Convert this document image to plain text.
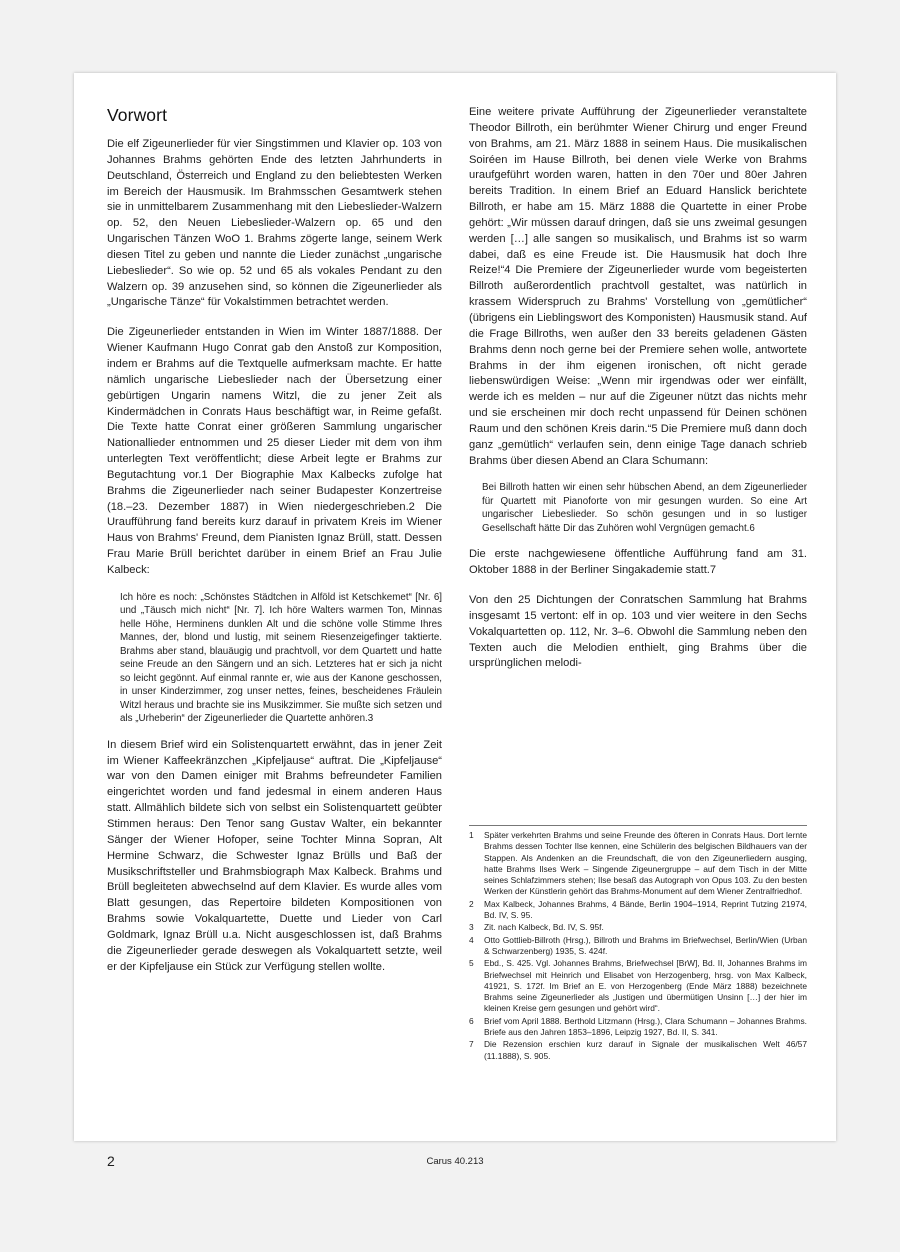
Vorwort

Die elf Zigeunerlieder für vier Singstimmen und Klavier op. 103 von Johannes Brahms gehörten Ende des letzten Jahrhunderts in Deutschland, Österreich und England zu den beliebtesten Werken im Bereich der Hausmusik. Im Brahmsschen Gesamtwerk stehen sie in unmittelbarem Zusammenhang mit den Liebeslieder-Walzern op. 52, den Neuen Liebeslieder-Walzern op. 65 und den Ungarischen Tänzen WoO 1. Brahms zögerte lange, seinem Werk diesen Titel zu geben und nannte die Lieder zunächst „ungarische Liebeslieder“. So wie op. 52 und 65 als vokales Pendant zu den Walzern op. 39 anzusehen sind, so können die Zigeunerlieder als „Ungarische Tänze“ für Vokalstimmen betrachtet werden.

Die Zigeunerlieder entstanden in Wien im Winter 1887/1888. Der Wiener Kaufmann Hugo Conrat gab den Anstoß zur Komposition, indem er Brahms auf die Textquelle aufmerksam machte. Er hatte nämlich ungarische Liebeslieder nach der Übersetzung einer gebürtigen Ungarin namens Witzl, die zu jener Zeit als Kindermädchen in Conrats Haus beschäftigt war, in Reime gefaßt. Die Texte hatte Conrat einer größeren Sammlung ungarischer Nationallieder entnommen und 25 dieser Lieder mit dem von ihm unterlegten Text veröffentlicht; diese Arbeit legte er Brahms zur Begutachtung vor.1 Der Biographie Max Kalbecks zufolge hat Brahms die Zigeunerlieder nach seiner Budapester Konzertreise (18.–23. Dezember 1887) in Wien niedergeschrieben.2 Die Uraufführung fand bereits kurz darauf in privatem Kreis im Wiener Haus von Brahms' Freund, dem Pianisten Ignaz Brüll, statt. Dessen Frau Marie Brüll berichtet darüber in einem Brief an Frau Julie Kalbeck:

Ich höre es noch: „Schönstes Städtchen in Alföld ist Ketschkemet“ [Nr. 6] und „Täusch mich nicht“ [Nr. 7]. Ich höre Walters warmen Ton, Minnas helle Höhe, Herminens dunklen Alt und die schöne volle Stimme Ihres Mannes, der, blond und lustig, mit seinem Riesenzeigefinger taktierte. Brahms aber stand, blauäugig und prachtvoll, vor dem Quartett und hatte seine Freude an den Sängern und an sich. Letzteres hat er sich ja nicht so leicht gegönnt. Auf einmal rannte er, wie aus der Kanone geschossen, in unser Kinderzimmer, zog unser nettes, feines, bescheidenes Fräulein Witzl heraus und brachte sie ins Musikzimmer. Sie mußte sich setzen und als „Urheberin“ der Zigeunerlieder die Quartette anhören.3

In diesem Brief wird ein Solistenquartett erwähnt, das in jener Zeit im Wiener Kaffeekränzchen „Kipfeljause“ auftrat. Die „Kipfeljause“ war von den Damen einiger mit Brahms befreundeter Familien eingerichtet worden und fand jedesmal in einem anderen Haus statt. Allmählich bildete sich von selbst ein Solistenquartett geübter Stimmen heraus: Den Tenor sang Gustav Walter, ein bekannter Sänger der Wiener Hofoper, seine Tochter Minna Sopran, Alt Hermine Schwarz, die Schwester Ignaz Brülls und Baß der Musikschriftsteller und Brahmsbiograph Max Kalbeck. Brahms und Brüll begleiteten abwechselnd auf dem Klavier. Es wurde alles vom Blatt gesungen, das Repertoire bildeten Kompositionen von Brahms sowie Vokalquartette, Duette und Lieder von Carl Goldmark, Ignaz Brüll u.a. Nicht ausgeschlossen ist, daß Brahms die Zigeunerlieder gerade deswegen als Vokalquartett setzte, weil er der Kipfeljause ein Stück zur Verfügung stellen wollte.

Eine weitere private Aufführung der Zigeunerlieder veranstaltete Theodor Billroth, ein berühmter Wiener Chirurg und enger Freund von Brahms, am 21. März 1888 in seinem Haus. Die musikalischen Soiréen im Hause Billroth, bei denen viele Werke von Brahms uraufgeführt worden waren, hatten in den 70er und 80er Jahren bereits Tradition. In einem Brief an Eduard Hanslick berichtete Billroth, er habe am 15. März 1888 die Quartette in einer Probe gehört: „Wir müssen darauf dringen, daß sie uns zweimal gesungen werden […] alle sangen so musikalisch, und Brahms ist so warm dabei, daß es eine Freude ist. Die Hausmusik hat doch Ihre Reize!“4 Die Premiere der Zigeunerlieder wurde vom begeisterten Billroth außerordentlich prachtvoll gestaltet, was natürlich in krassem Widerspruch zu Brahms' Vorstellung von „gemütlicher“ (übrigens ein Lieblingswort des Komponisten) Hausmusik stand. Auf die Frage Billroths, wen außer den 33 bereits geladenen Gästen Brahms denn noch gerne bei der Premiere sehen wolle, antwortete Brahms in der ihm eigenen ironischen, oft nicht gerade liebenswürdigen Weise: „Wenn mir irgendwas oder wer einfällt, werde ich es melden – nur auf die Zigeuner nützt das nichts mehr und sie erscheinen mir doch recht unpassend für Deinen schönen Raum und den schönen Kreis darin.“5 Die Premiere muß dann doch ganz „gemütlich“ verlaufen sein, denn einige Tage danach schrieb Brahms über diesen Abend an Clara Schumann:

Bei Billroth hatten wir einen sehr hübschen Abend, an dem Zigeunerlieder für Quartett mit Pianoforte von mir gesungen wurden. So eine Art ungarischer Liebeslieder. So schön gesungen und in so lustiger Gesellschaft hätte Dir das Zuhören wohl Vergnügen gemacht.6

Die erste nachgewiesene öffentliche Aufführung fand am 31. Oktober 1888 in der Berliner Singakademie statt.7

Von den 25 Dichtungen der Conratschen Sammlung hat Brahms insgesamt 15 vertont: elf in op. 103 und vier weitere in den Sechs Vokalquartetten op. 112, Nr. 3–6. Obwohl die Sammlung neben den Texten auch die Melodien enthielt, ging Brahms über die ursprünglichen melodi-

1 Später verkehrten Brahms und seine Freunde des öfteren in Conrats Haus. Dort lernte Brahms dessen Tochter Ilse kennen, eine Schülerin des belgischen Bildhauers van der Stappen. Als Andenken an die Freundschaft, die von den Zigeunerliedern ausging, hatte Brahms Ilses Werk – Singende Zigeunergruppe – auf dem Tisch in der Mitte seines Schlafzimmers stehen; Ilse besaß das Autograph von Opus 103. Zu den besten Werken der Künstlerin gehört das Brahms-Monument auf dem Wiener Zentralfriedhof.
2 Max Kalbeck, Johannes Brahms, 4 Bände, Berlin 1904–1914, Reprint Tutzing 21974, Bd. IV, S. 95.
3 Zit. nach Kalbeck, Bd. IV, S. 95f.
4 Otto Gottlieb-Billroth (Hrsg.), Billroth und Brahms im Briefwechsel, Berlin/Wien (Urban & Schwarzenberg) 1935, S. 424f.
5 Ebd., S. 425. Vgl. Johannes Brahms, Briefwechsel [BrW], Bd. II, Johannes Brahms im Briefwechsel mit Heinrich und Elisabet von Herzogenberg, hrsg. von Max Kalbeck, 41921, S. 172f. Im Brief an E. von Herzogenberg (Ende März 1888) bezeichnete Brahms seine Zigeunerlieder als „lustigen und übermütigen Unsinn […] der hier im kleinen Kreise gern gesungen und gehört wird“.
6 Brief vom April 1888. Berthold Litzmann (Hrsg.), Clara Schumann – Johannes Brahms. Briefe aus den Jahren 1853–1896, Leipzig 1927, Bd. II, S. 341.
7 Die Rezension erschien kurz darauf in Signale der musikalischen Welt 46/57 (11.1888), S. 905.
2	Carus 40.213
